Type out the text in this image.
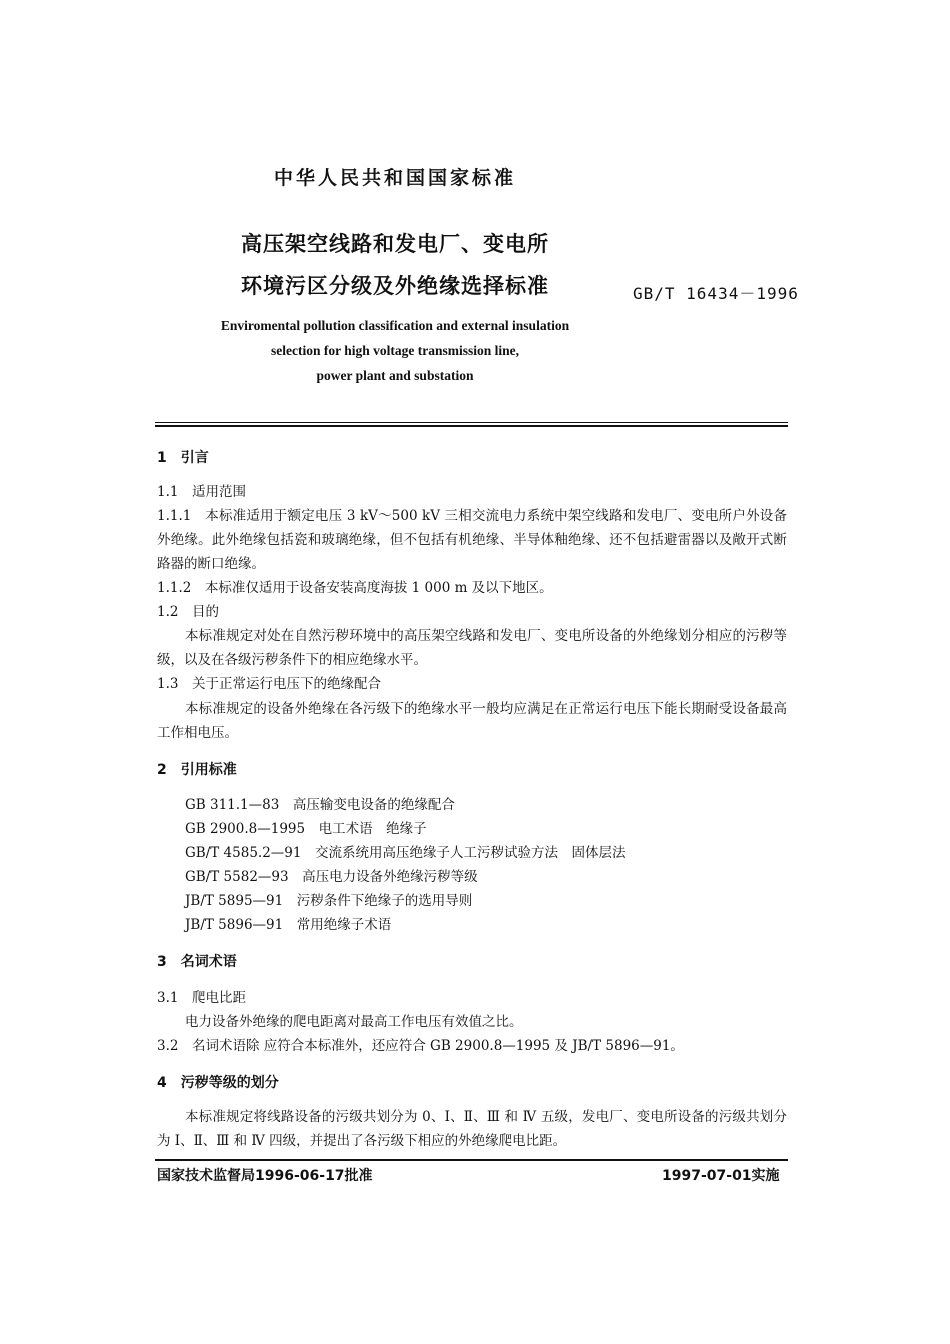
中华人民共和国国家标准
高压架空线路和发电厂、变电所
环境污区分级及外绝缘选择标准	GB/T 16434－1996
Enviromental pollution classification and external insulation
selection for high voltage transmission line,
power plant and substation
1　引言
1.1　适用范围
1.1.1　本标准适用于额定电压 3 kV～500 kV 三相交流电力系统中架空线路和发电厂、变电所户外设备外绝缘。此外绝缘包括瓷和玻璃绝缘，但不包括有机绝缘、半导体釉绝缘、还不包括避雷器以及敞开式断路器的断口绝缘。
1.1.2　本标准仅适用于设备安装高度海拔 1 000 m 及以下地区。
1.2　目的
本标准规定对处在自然污秽环境中的高压架空线路和发电厂、变电所设备的外绝缘划分相应的污秽等级，以及在各级污秽条件下的相应绝缘水平。
1.3　关于正常运行电压下的绝缘配合
本标准规定的设备外绝缘在各污级下的绝缘水平一般均应满足在正常运行电压下能长期耐受设备最高工作相电压。
2　引用标准
GB 311.1—83　高压输变电设备的绝缘配合
GB 2900.8—1995　电工术语　绝缘子
GB/T 4585.2—91　交流系统用高压绝缘子人工污秽试验方法　固体层法
GB/T 5582—93　高压电力设备外绝缘污秽等级
JB/T 5895—91　污秽条件下绝缘子的选用导则
JB/T 5896—91　常用绝缘子术语
3　名词术语
3.1　爬电比距
电力设备外绝缘的爬电距离对最高工作电压有效值之比。
3.2　名词术语除 应符合本标准外，还应符合 GB 2900.8—1995 及 JB/T 5896—91。
4　污秽等级的划分
本标准规定将线路设备的污级共划分为 0、Ⅰ、Ⅱ、Ⅲ 和 Ⅳ 五级，发电厂、变电所设备的污级共划分为 Ⅰ、Ⅱ、Ⅲ 和 Ⅳ 四级，并提出了各污级下相应的外绝缘爬电比距。
国家技术监督局1996-06-17批准	1997-07-01实施
